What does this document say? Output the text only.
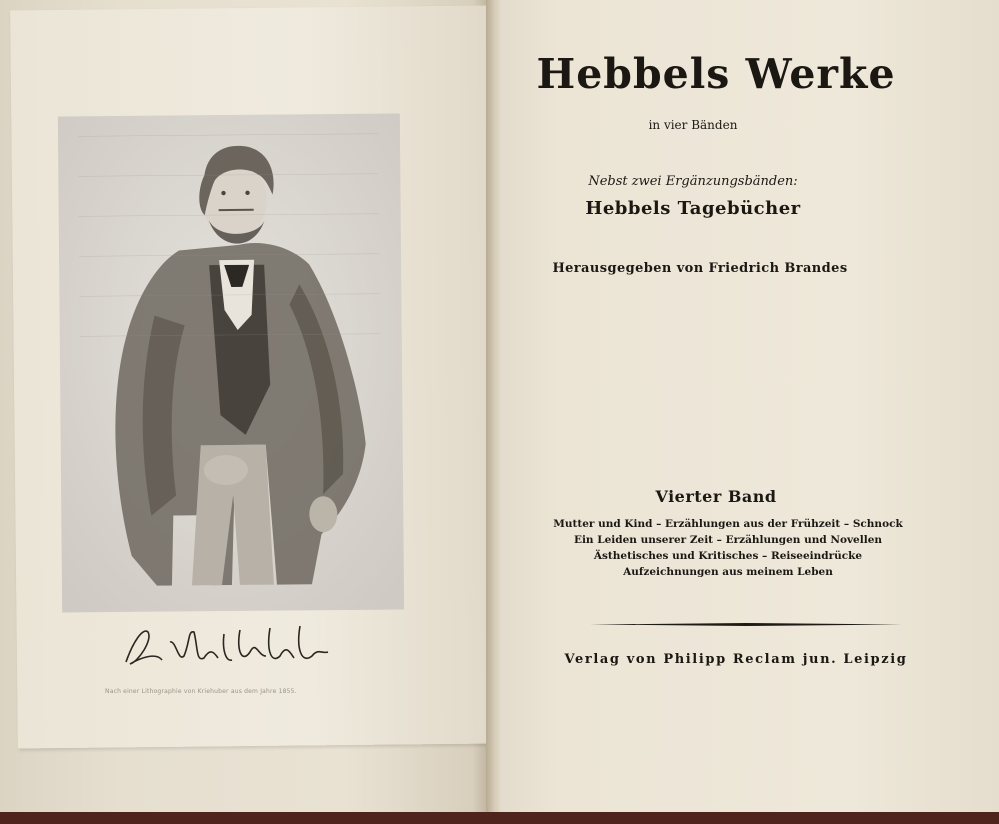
Nach einer Lithographie von Kriehuber aus dem Jahre 1855.
Hebbels Werke
in vier Bänden
Nebst zwei Ergänzungsbänden:
Hebbels Tagebücher
Herausgegeben von Friedrich Brandes
Vierter Band
Mutter und Kind – Erzählungen aus der Frühzeit – Schnock
Ein Leiden unserer Zeit – Erzählungen und Novellen
Ästhetisches und Kritisches – Reiseeindrücke
Aufzeichnungen aus meinem Leben
Verlag von Philipp Reclam jun. Leipzig
